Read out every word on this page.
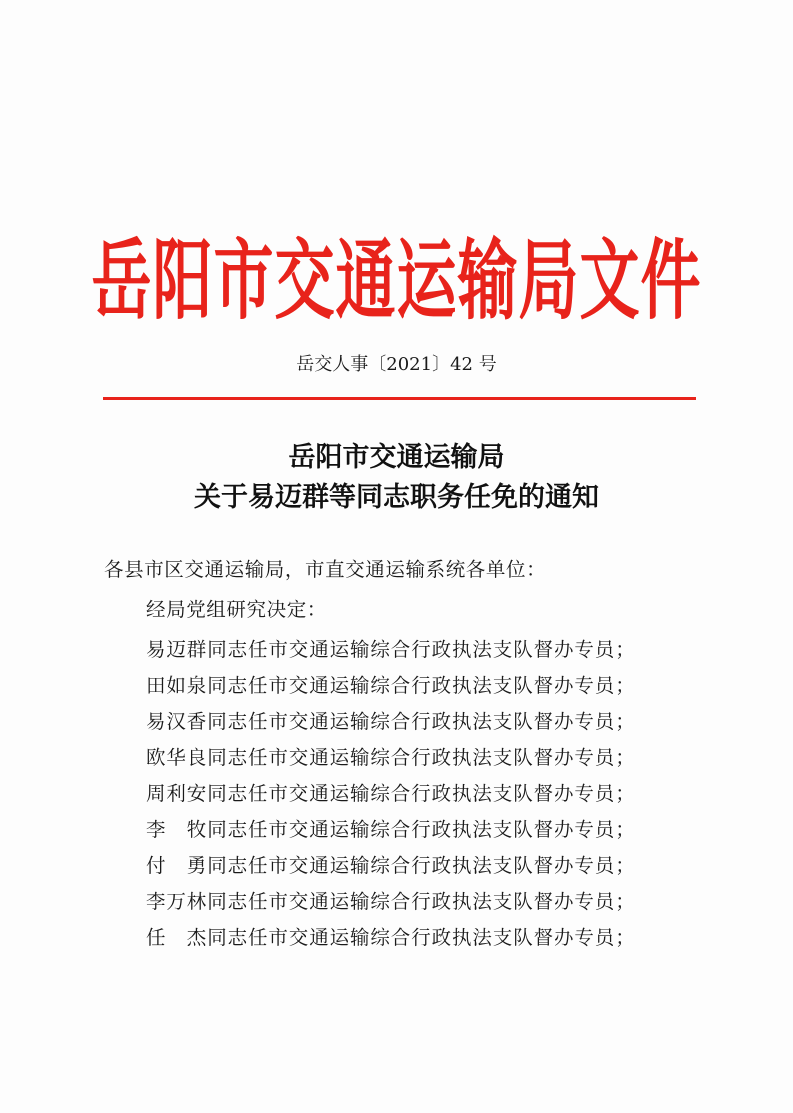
岳阳市交通运输局文件
岳交人事〔2021〕42 号
岳阳市交通运输局
关于易迈群等同志职务任免的通知
各县市区交通运输局，市直交通运输系统各单位：
经局党组研究决定：
易迈群同志任市交通运输综合行政执法支队督办专员；
田如泉同志任市交通运输综合行政执法支队督办专员；
易汉香同志任市交通运输综合行政执法支队督办专员；
欧华良同志任市交通运输综合行政执法支队督办专员；
周利安同志任市交通运输综合行政执法支队督办专员；
李　牧同志任市交通运输综合行政执法支队督办专员；
付　勇同志任市交通运输综合行政执法支队督办专员；
李万林同志任市交通运输综合行政执法支队督办专员；
任　杰同志任市交通运输综合行政执法支队督办专员；
